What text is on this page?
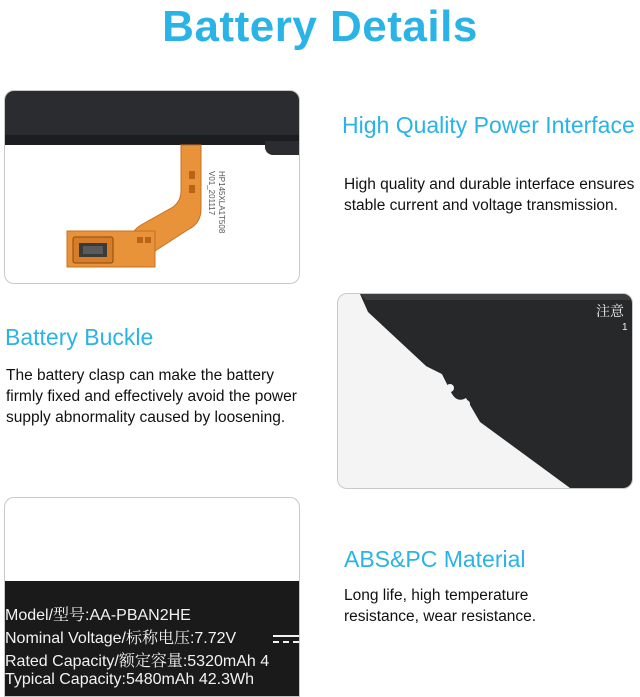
Battery Details
HP145XLA1T508
V01_201117
High Quality Power Interface
High quality and durable interface ensures
stable current and voltage transmission.
Battery Buckle
The battery clasp can make the battery
firmly fixed and effectively avoid the power
supply abnormality caused by loosening.
注意
1
Model/型号:AA-PBAN2HE
Nominal Voltage/标称电压:7.72V
Rated Capacity/额定容量:5320mAh 4
Typical Capacity:5480mAh 42.3Wh
ABS&PC Material
Long life, high temperature
resistance, wear resistance.
